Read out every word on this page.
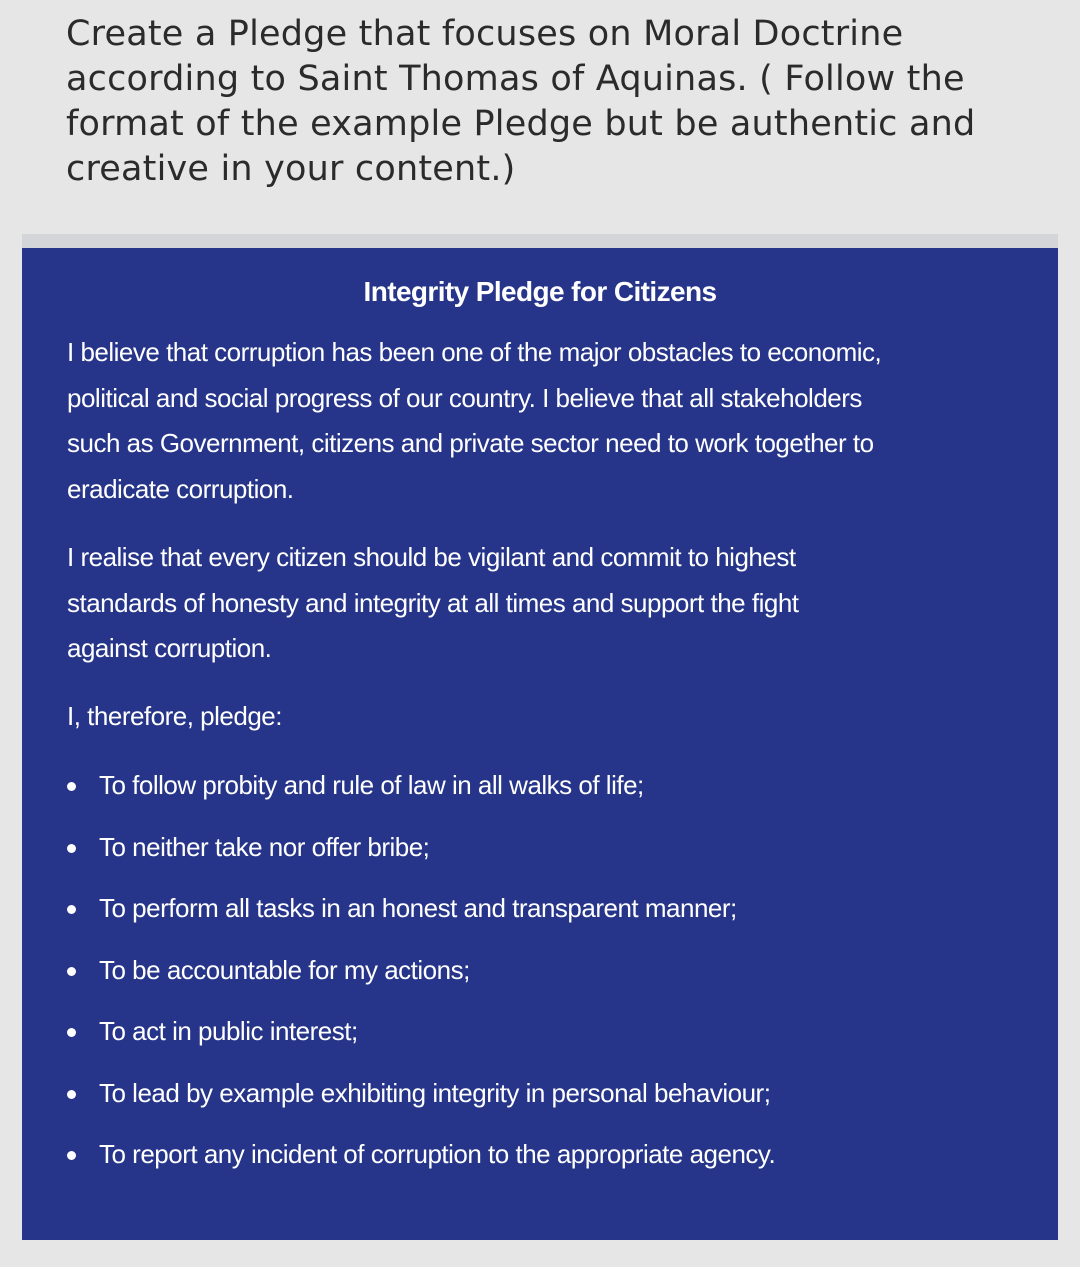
Create a Pledge that focuses on Moral Doctrine
according to Saint Thomas of Aquinas. ( Follow the
format of the example Pledge but be authentic and
creative in your content.)
Integrity Pledge for Citizens
I believe that corruption has been one of the major obstacles to economic,
political and social progress of our country. I believe that all stakeholders
such as Government, citizens and private sector need to work together to
eradicate corruption.
I realise that every citizen should be vigilant and commit to highest
standards of honesty and integrity at all times and support the fight
against corruption.
I, therefore, pledge:
To follow probity and rule of law in all walks of life;
To neither take nor offer bribe;
To perform all tasks in an honest and transparent manner;
To be accountable for my actions;
To act in public interest;
To lead by example exhibiting integrity in personal behaviour;
To report any incident of corruption to the appropriate agency.
